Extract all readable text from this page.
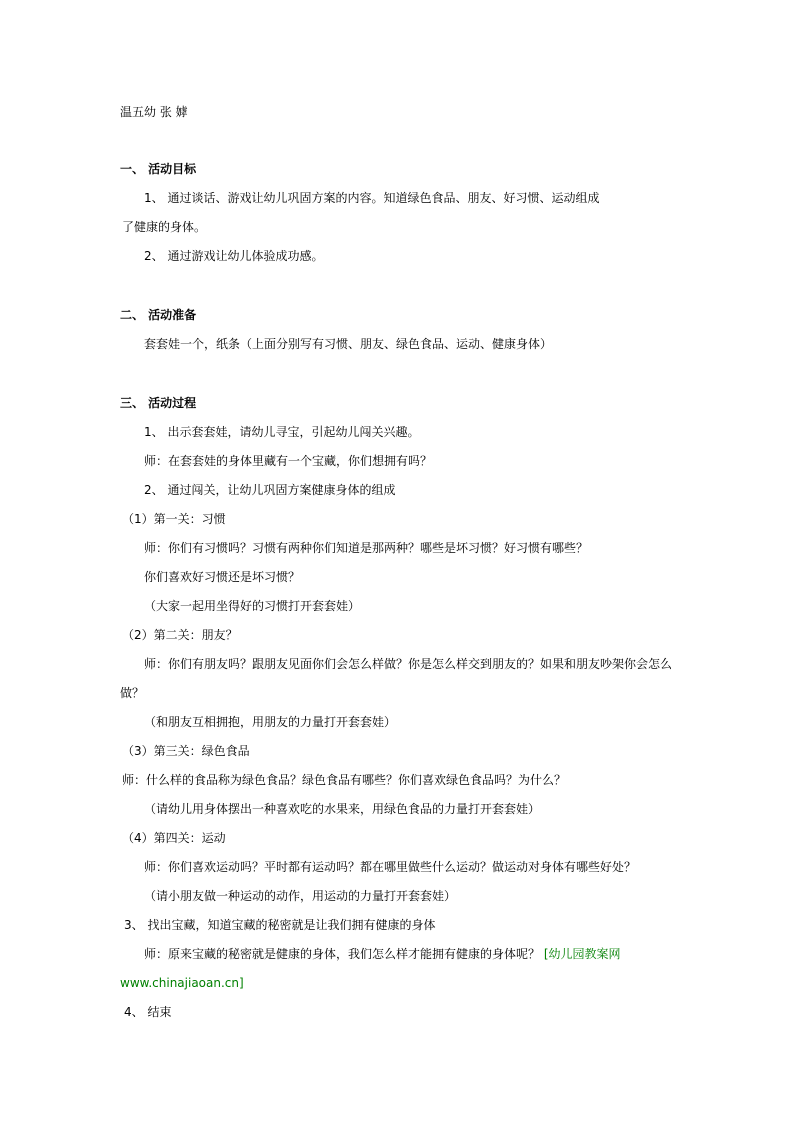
温五幼 张 嫭
一、 活动目标
1、 通过谈话、游戏让幼儿巩固方案的内容。知道绿色食品、朋友、好习惯、运动组成
了健康的身体。
2、 通过游戏让幼儿体验成功感。
二、 活动准备
套套娃一个，纸条（上面分别写有习惯、朋友、绿色食品、运动、健康身体）
三、 活动过程
1、 出示套套娃，请幼儿寻宝，引起幼儿闯关兴趣。
师：在套套娃的身体里藏有一个宝藏，你们想拥有吗？
2、 通过闯关，让幼儿巩固方案健康身体的组成
（1）第一关：习惯
师：你们有习惯吗？习惯有两种你们知道是那两种？哪些是坏习惯？好习惯有哪些？
你们喜欢好习惯还是坏习惯？
（大家一起用坐得好的习惯打开套套娃）
（2）第二关：朋友？
师：你们有朋友吗？跟朋友见面你们会怎么样做？你是怎么样交到朋友的？如果和朋友吵架你会怎么
做？
（和朋友互相拥抱，用朋友的力量打开套套娃）
（3）第三关：绿色食品
师：什么样的食品称为绿色食品？绿色食品有哪些？你们喜欢绿色食品吗？为什么？
（请幼儿用身体摆出一种喜欢吃的水果来，用绿色食品的力量打开套套娃）
（4）第四关：运动
师：你们喜欢运动吗？平时都有运动吗？都在哪里做些什么运动？做运动对身体有哪些好处？
（请小朋友做一种运动的动作，用运动的力量打开套套娃）
3、 找出宝藏，知道宝藏的秘密就是让我们拥有健康的身体
师：原来宝藏的秘密就是健康的身体，我们怎么样才能拥有健康的身体呢？ [幼儿园教案网
www.chinajiaoan.cn]
4、 结束
